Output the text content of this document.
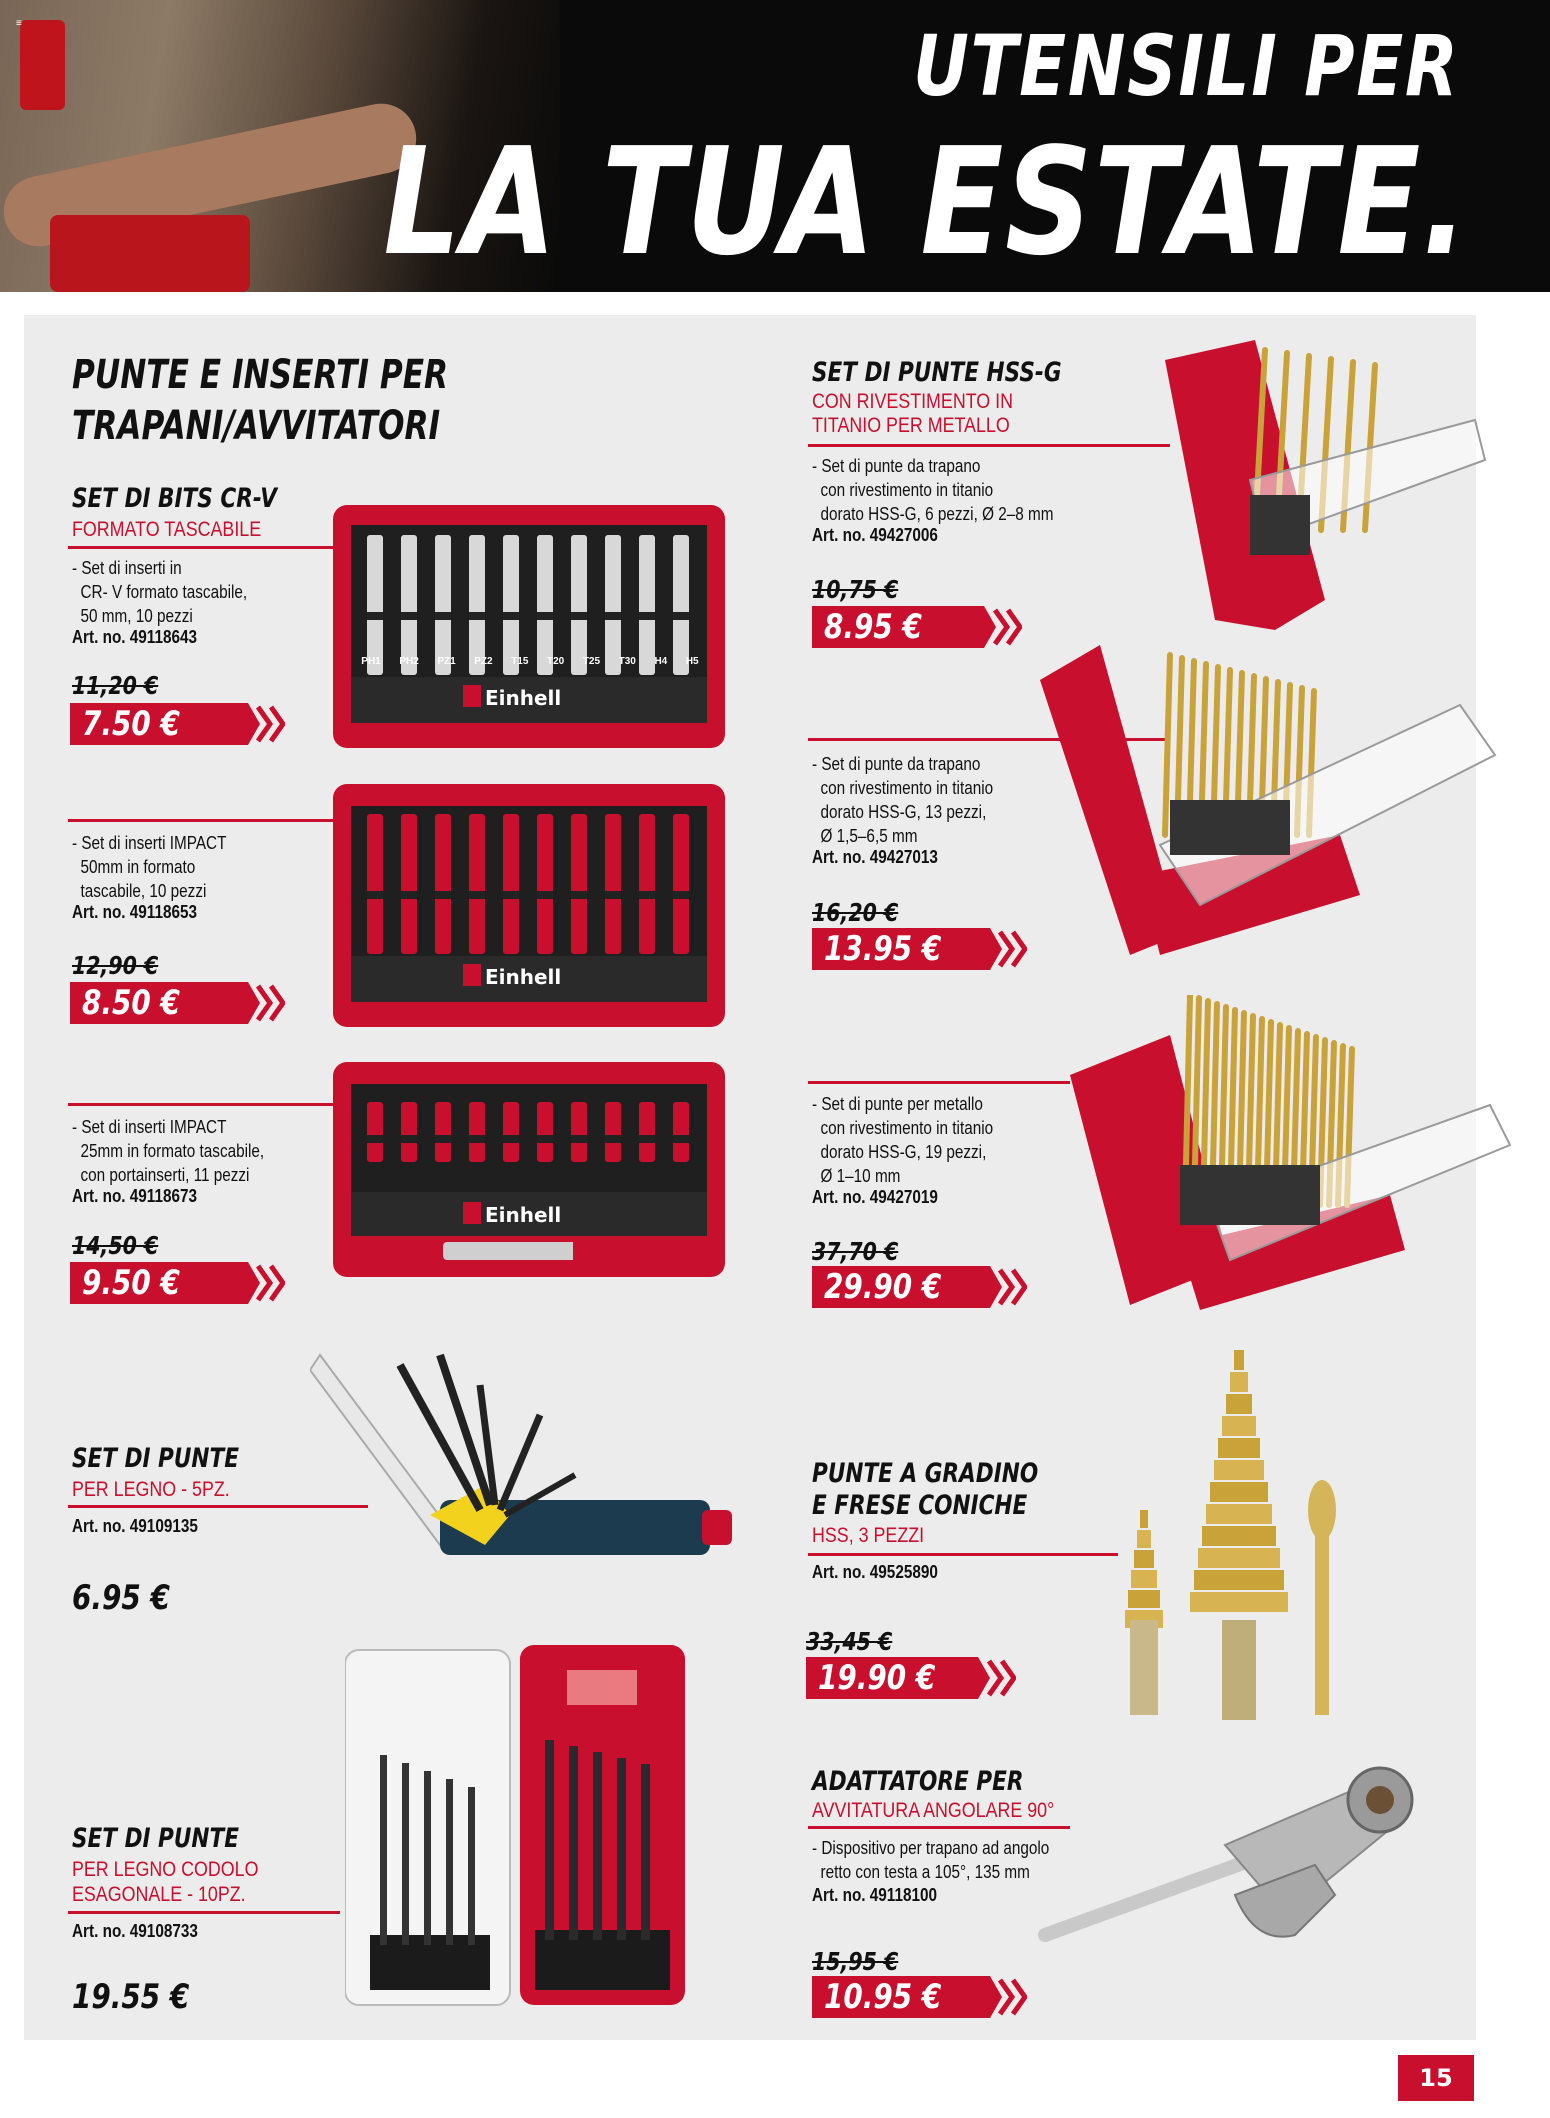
≡	UTENSILI PER
LA TUA ESTATE.
PUNTE E INSERTI PER
TRAPANI/AVVITATORI
SET DI BITS CR-V
FORMATO TASCABILE
- Set di inserti in
CR- V formato tascabile,
50 mm, 10 pezzi
Art. no. 49118643
11,20 €
7.50 €
Einhell
PH1 PH2 PZ1 PZ2 T15 T20 T25 T30 H4 H5
- Set di inserti IMPACT
50mm in formato
tascabile, 10 pezzi
Art. no. 49118653
12,90 €
8.50 €
Einhell
- Set di inserti IMPACT
25mm in formato tascabile,
con portainserti, 11 pezzi
Art. no. 49118673
14,50 €
9.50 €
Einhell
SET DI PUNTE
PER LEGNO - 5PZ.
Art. no. 49109135
6.95 €
SET DI PUNTE
PER LEGNO CODOLO
ESAGONALE - 10PZ.
Art. no. 49108733
19.55 €
SET DI PUNTE HSS-G
CON RIVESTIMENTO IN
TITANIO PER METALLO
- Set di punte da trapano
con rivestimento in titanio
dorato HSS-G, 6 pezzi, Ø 2–8 mm
Art. no. 49427006
10,75 €
8.95 €
- Set di punte da trapano
con rivestimento in titanio
dorato HSS-G, 13 pezzi,
Ø 1,5–6,5 mm
Art. no. 49427013
16,20 €
13.95 €
- Set di punte per metallo
con rivestimento in titanio
dorato HSS-G, 19 pezzi,
Ø 1–10 mm
Art. no. 49427019
37,70 €
29.90 €
PUNTE A GRADINO
E FRESE CONICHE
HSS, 3 PEZZI
Art. no. 49525890
33,45 €
19.90 €
ADATTATORE PER
AVVITATURA ANGOLARE 90°
- Dispositivo per trapano ad angolo
retto con testa a 105°, 135 mm
Art. no. 49118100
15,95 €
10.95 €
15
